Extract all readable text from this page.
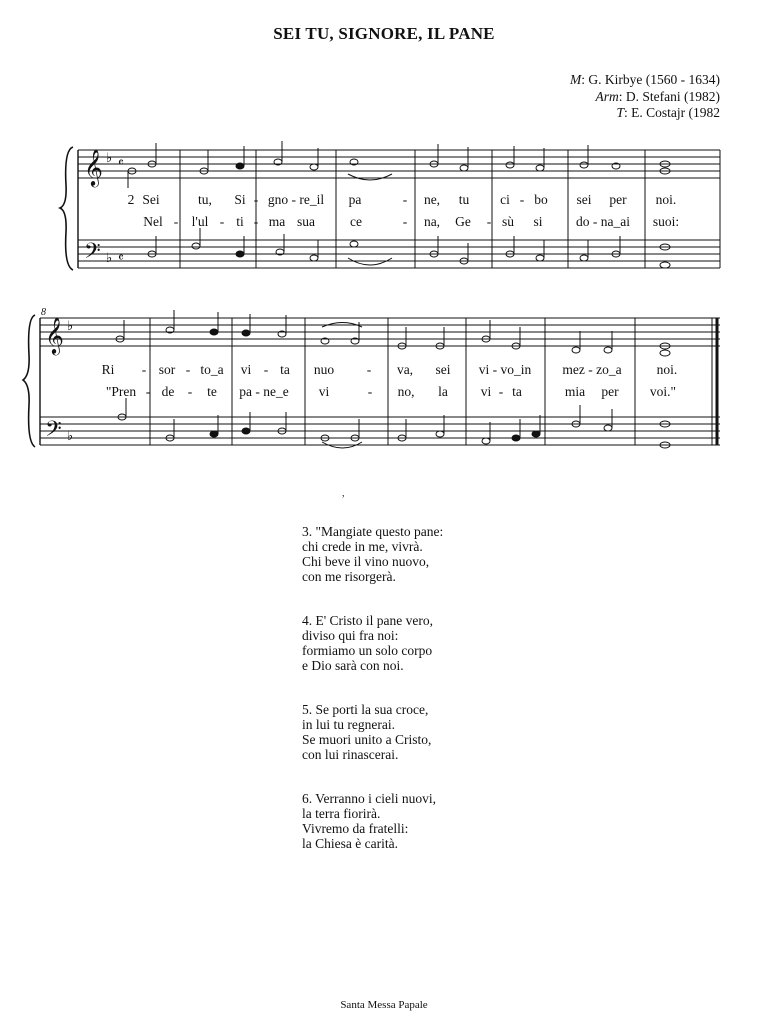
SEI TU, SIGNORE, IL PANE
M: G. Kirbye (1560 - 1634)
Arm: D. Stefani (1982)
T: E. Costajr (1982
𝄞 ♭ 𝄴
𝄢 ♭ 𝄴
𝄞 ♭
𝄢 ♭
8
2 Sei	tu, Si - gno - re_il pa	- ne, tu ci - bo sei per noi.
Nel - l'ul - ti - ma sua	ce	- na, Ge - sù si do - na_ai suoi:
Ri - sor - to_a vi - ta nuo - va, sei vi - vo_in mez - zo_a	noi.
"Pren - de - te pa - ne_e vi	- no, la vi - ta	mia per voi."
,
3. "Mangiate questo pane:
chi crede in me, vivrà.
Chi beve il vino nuovo,
con me risorgerà.
4. E' Cristo il pane vero,
diviso qui fra noi:
formiamo un solo corpo
e Dio sarà con noi.
5. Se porti la sua croce,
in lui tu regnerai.
Se muori unito a Cristo,
con lui rinascerai.
6. Verranno i cieli nuovi,
la terra fiorirà.
Vivremo da fratelli:
la Chiesa è carità.
Santa Messa Papale
